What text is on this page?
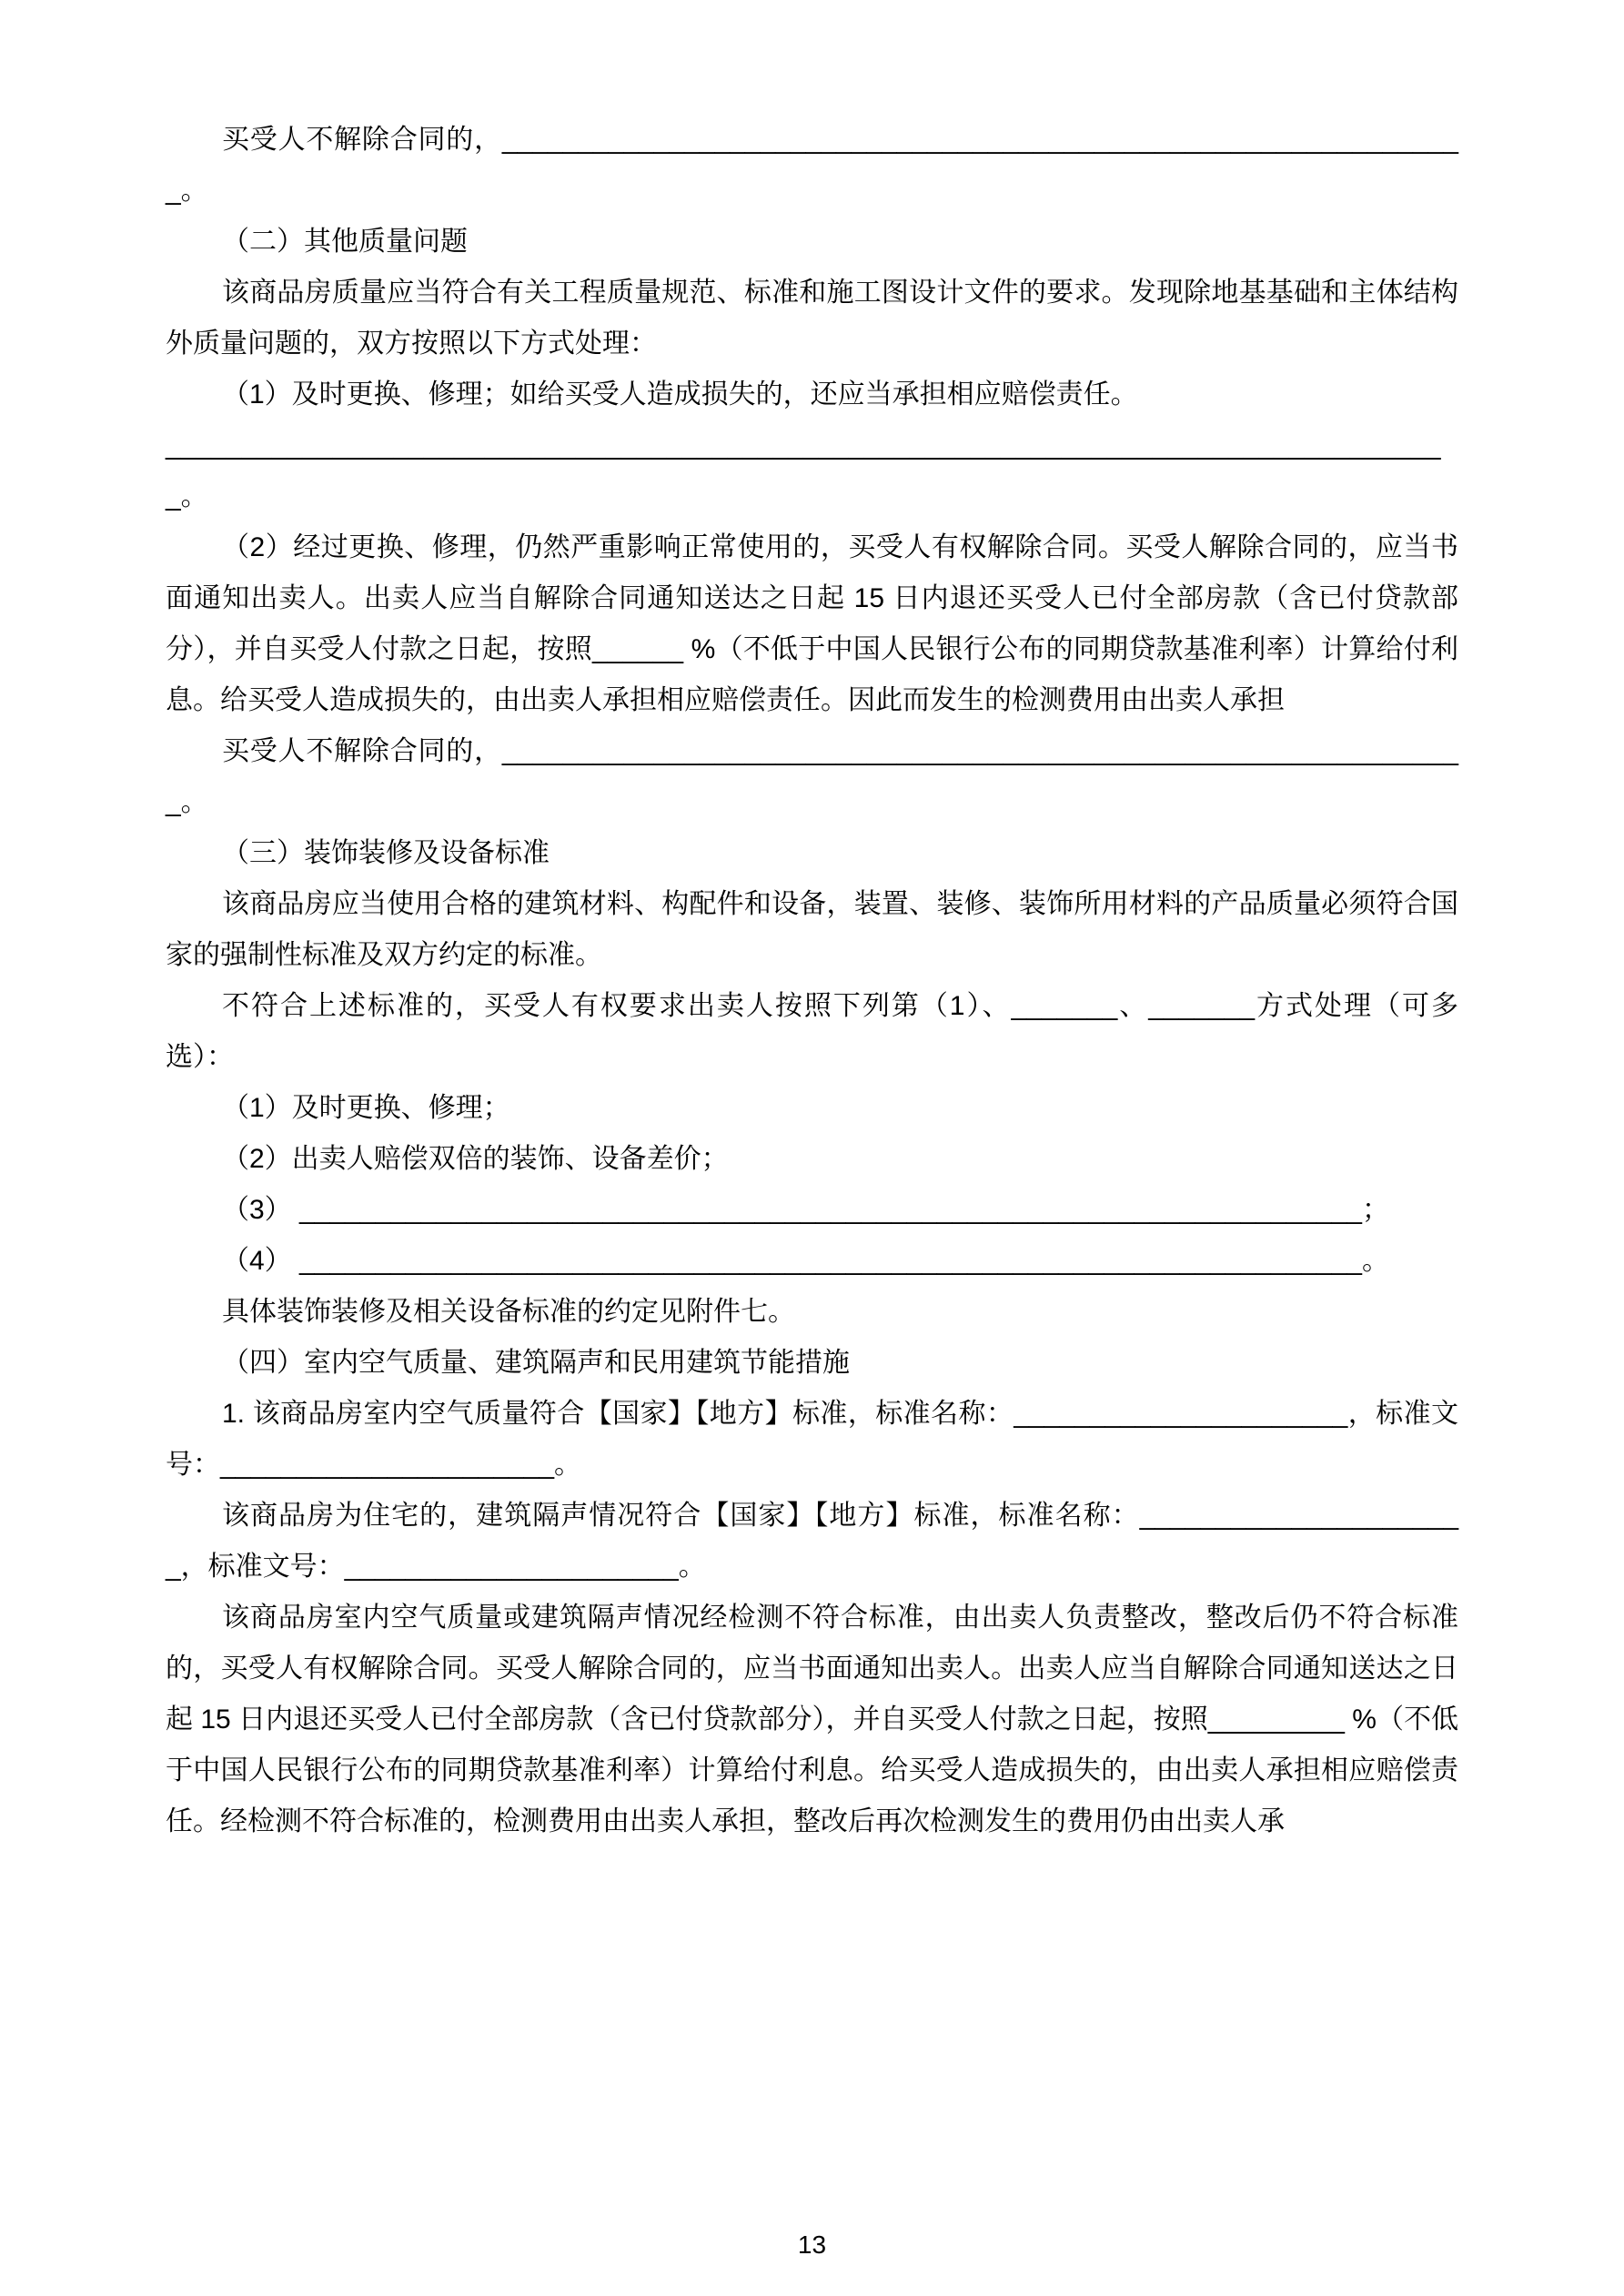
买受人不解除合同的，________________________________________________________________。

（二）其他质量问题

该商品房质量应当符合有关工程质量规范、标准和施工图设计文件的要求。发现除地基基础和主体结构外质量问题的，双方按照以下方式处理：

（1）及时更换、修理；如给买受人造成损失的，还应当承担相应赔偿责任。

_____________________________________________________________________________________。

（2）经过更换、修理，仍然严重影响正常使用的，买受人有权解除合同。买受人解除合同的，应当书面通知出卖人。出卖人应当自解除合同通知送达之日起 15 日内退还买受人已付全部房款（含已付贷款部分），并自买受人付款之日起，按照______ %（不低于中国人民银行公布的同期贷款基准利率）计算给付利息。给买受人造成损失的，由出卖人承担相应赔偿责任。因此而发生的检测费用由出卖人承担

买受人不解除合同的，________________________________________________________________。

（三）装饰装修及设备标准

该商品房应当使用合格的建筑材料、构配件和设备，装置、装修、装饰所用材料的产品质量必须符合国家的强制性标准及双方约定的标准。

不符合上述标准的，买受人有权要求出卖人按照下列第（1）、_______、_______方式处理（可多选）：

（1）及时更换、修理；

（2）出卖人赔偿双倍的装饰、设备差价；

（3） ______________________________________________________________________；

（4） ______________________________________________________________________。

具体装饰装修及相关设备标准的约定见附件七。

（四）室内空气质量、建筑隔声和民用建筑节能措施

1. 该商品房室内空气质量符合【国家】【地方】标准，标准名称：______________________，标准文号：______________________。

该商品房为住宅的，建筑隔声情况符合【国家】【地方】标准，标准名称：______________________，标准文号：______________________。

该商品房室内空气质量或建筑隔声情况经检测不符合标准，由出卖人负责整改，整改后仍不符合标准的，买受人有权解除合同。买受人解除合同的，应当书面通知出卖人。出卖人应当自解除合同通知送达之日起 15 日内退还买受人已付全部房款（含已付贷款部分），并自买受人付款之日起，按照_________ %（不低于中国人民银行公布的同期贷款基准利率）计算给付利息。给买受人造成损失的，由出卖人承担相应赔偿责任。经检测不符合标准的，检测费用由出卖人承担，整改后再次检测发生的费用仍由出卖人承

13
